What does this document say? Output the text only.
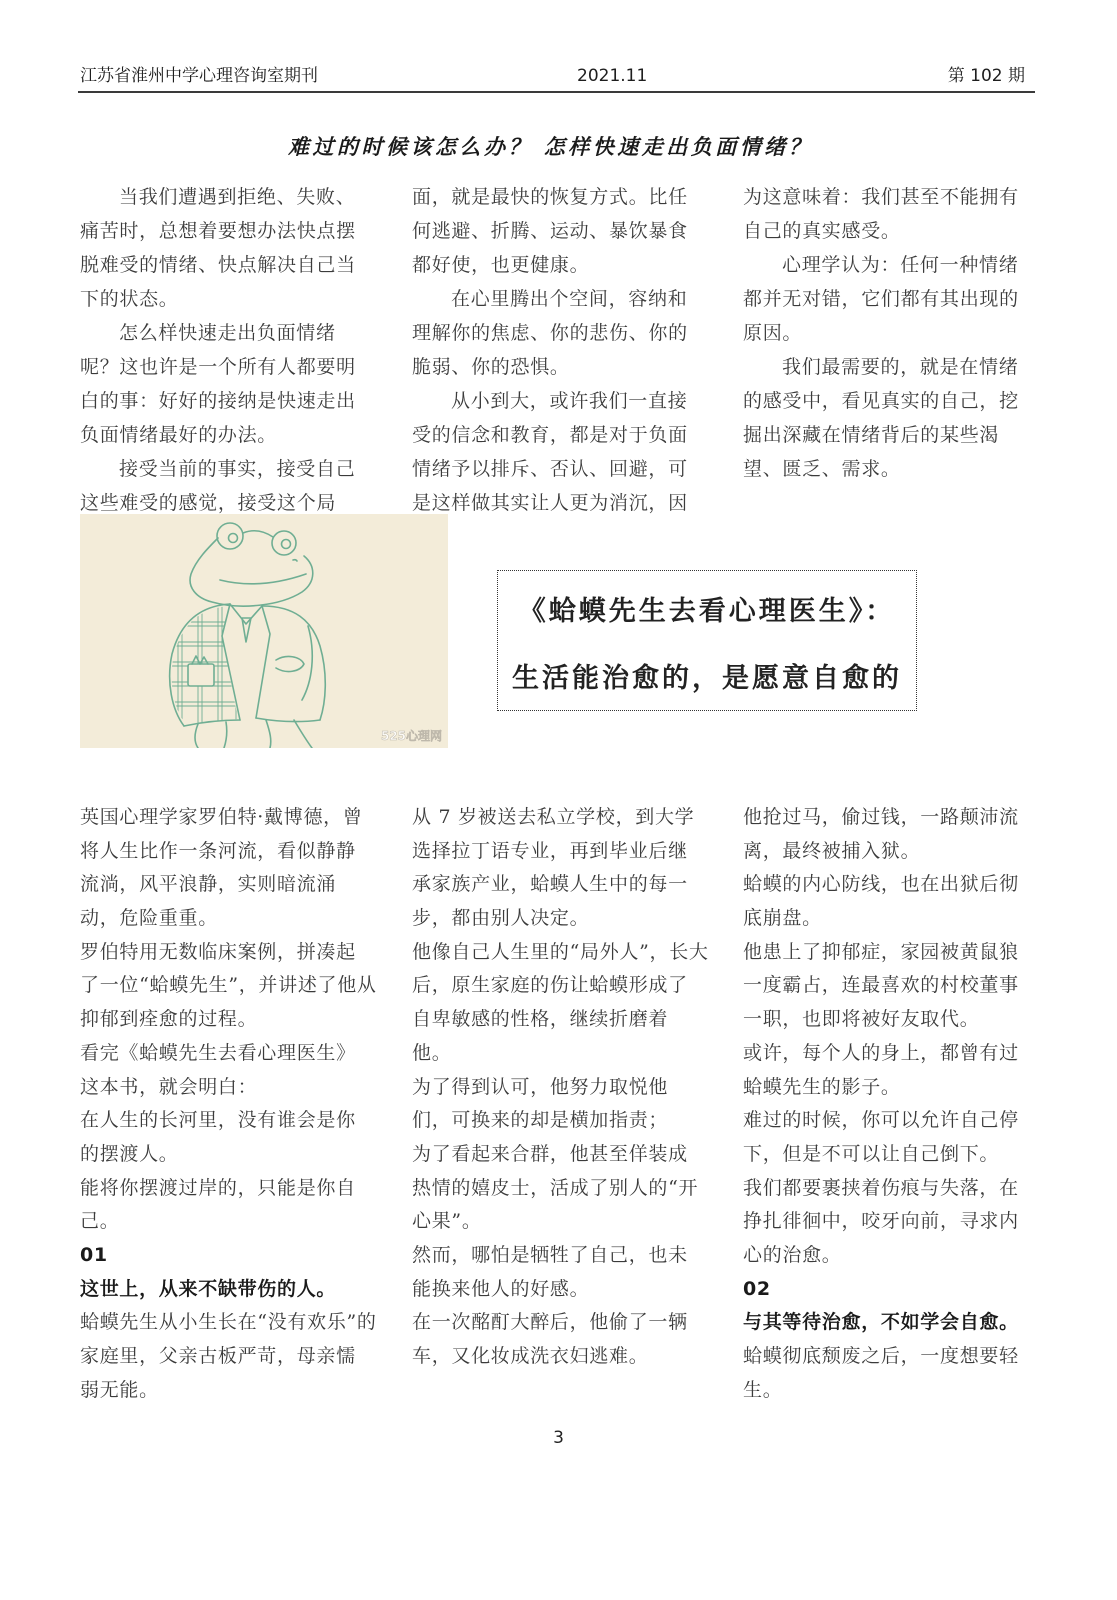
江苏省淮州中学心理咨询室期刊	2021.11	第 102 期
难过的时候该怎么办？ 怎样快速走出负面情绪？
当我们遭遇到拒绝、失败、
痛苦时，总想着要想办法快点摆
脱难受的情绪、快点解决自己当
下的状态。
怎么样快速走出负面情绪
呢？这也许是一个所有人都要明
白的事：好好的接纳是快速走出
负面情绪最好的办法。
接受当前的事实，接受自己
这些难受的感觉，接受这个局
面，就是最快的恢复方式。比任
何逃避、折腾、运动、暴饮暴食
都好使，也更健康。
在心里腾出个空间，容纳和
理解你的焦虑、你的悲伤、你的
脆弱、你的恐惧。
从小到大，或许我们一直接
受的信念和教育，都是对于负面
情绪予以排斥、否认、回避，可
是这样做其实让人更为消沉，因
为这意味着：我们甚至不能拥有
自己的真实感受。
心理学认为：任何一种情绪
都并无对错，它们都有其出现的
原因。
我们最需要的，就是在情绪
的感受中，看见真实的自己，挖
掘出深藏在情绪背后的某些渴
望、匮乏、需求。
525心理网
《蛤蟆先生去看心理医生》：
生活能治愈的，是愿意自愈的
英国心理学家罗伯特·戴博德，曾
将人生比作一条河流，看似静静
流淌，风平浪静，实则暗流涌
动，危险重重。
罗伯特用无数临床案例，拼凑起
了一位“蛤蟆先生”，并讲述了他从
抑郁到痊愈的过程。
看完《蛤蟆先生去看心理医生》
这本书，就会明白：
在人生的长河里，没有谁会是你
的摆渡人。
能将你摆渡过岸的，只能是你自
己。
01
这世上，从来不缺带伤的人。
蛤蟆先生从小生长在“没有欢乐”的
家庭里，父亲古板严苛，母亲懦
弱无能。
从 7 岁被送去私立学校，到大学
选择拉丁语专业，再到毕业后继
承家族产业，蛤蟆人生中的每一
步，都由别人决定。
他像自己人生里的“局外人”，长大
后，原生家庭的伤让蛤蟆形成了
自卑敏感的性格，继续折磨着
他。
为了得到认可，他努力取悦他
们，可换来的却是横加指责；
为了看起来合群，他甚至佯装成
热情的嬉皮士，活成了别人的“开
心果”。
然而，哪怕是牺牲了自己，也未
能换来他人的好感。
在一次酩酊大醉后，他偷了一辆
车，又化妆成洗衣妇逃难。
他抢过马，偷过钱，一路颠沛流
离，最终被捕入狱。
蛤蟆的内心防线，也在出狱后彻
底崩盘。
他患上了抑郁症，家园被黄鼠狼
一度霸占，连最喜欢的村校董事
一职，也即将被好友取代。
或许，每个人的身上，都曾有过
蛤蟆先生的影子。
难过的时候，你可以允许自己停
下，但是不可以让自己倒下。
我们都要裹挟着伤痕与失落，在
挣扎徘徊中，咬牙向前，寻求内
心的治愈。
02
与其等待治愈，不如学会自愈。
蛤蟆彻底颓废之后，一度想要轻
生。
3
